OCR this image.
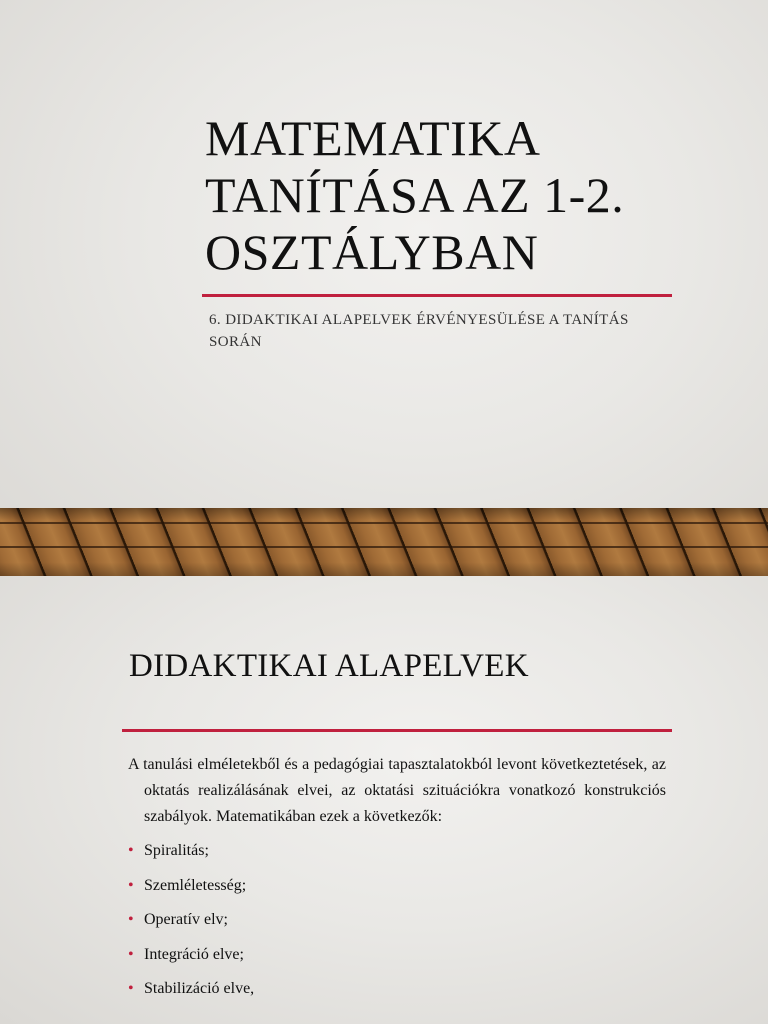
MATEMATIKA
TANÍTÁSA AZ 1-2.
OSZTÁLYBAN
6. DIDAKTIKAI ALAPELVEK ÉRVÉNYESÜLÉSE A TANÍTÁS
SORÁN
DIDAKTIKAI ALAPELVEK

A tanulási elméletekből és a pedagógiai tapasztalatokból levont következtetések, az oktatás realizálásának elvei, az oktatási szituációkra vonatkozó konstrukciós szabályok. Matematikában ezek a következők:

• Spiralitás;
• Szemléletesség;
• Operatív elv;
• Integráció elve;
• Stabilizáció elve,
